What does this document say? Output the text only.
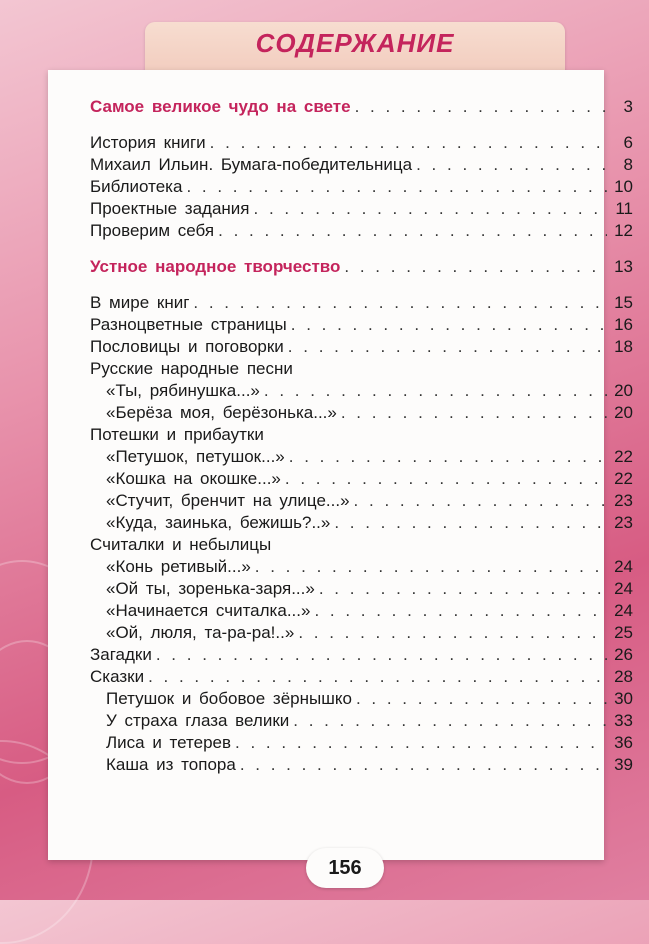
СОДЕРЖАНИЕ
Самое великое чудо на свете . . .	3
История книги . . .	6
Михаил Ильин. Бумага-победительница . . .	8
Библиотека . . .	10
Проектные задания . . .	11
Проверим себя . . .	12
Устное народное творчество . . .	13
В мире книг . . .	15
Разноцветные страницы . . .	16
Пословицы и поговорки . . .	18
Русские народные песни
«Ты, рябинушка...» . . .	20
«Берёза моя, берёзонька...» . . .	20
Потешки и прибаутки
«Петушок, петушок...» . . .	22
«Кошка на окошке...» . . .	22
«Стучит, бренчит на улице...» . . .	23
«Куда, заинька, бежишь?..» . . .	23
Считалки и небылицы
«Конь ретивый...» . . .	24
«Ой ты, зоренька-заря...» . . .	24
«Начинается считалка...» . . .	24
«Ой, люля, та-ра-ра!..» . . .	25
Загадки . . .	26
Сказки . . .	28
Петушок и бобовое зёрнышко . . .	30
У страха глаза велики . . .	33
Лиса и тетерев . . .	36
Каша из топора . . .	39
156
